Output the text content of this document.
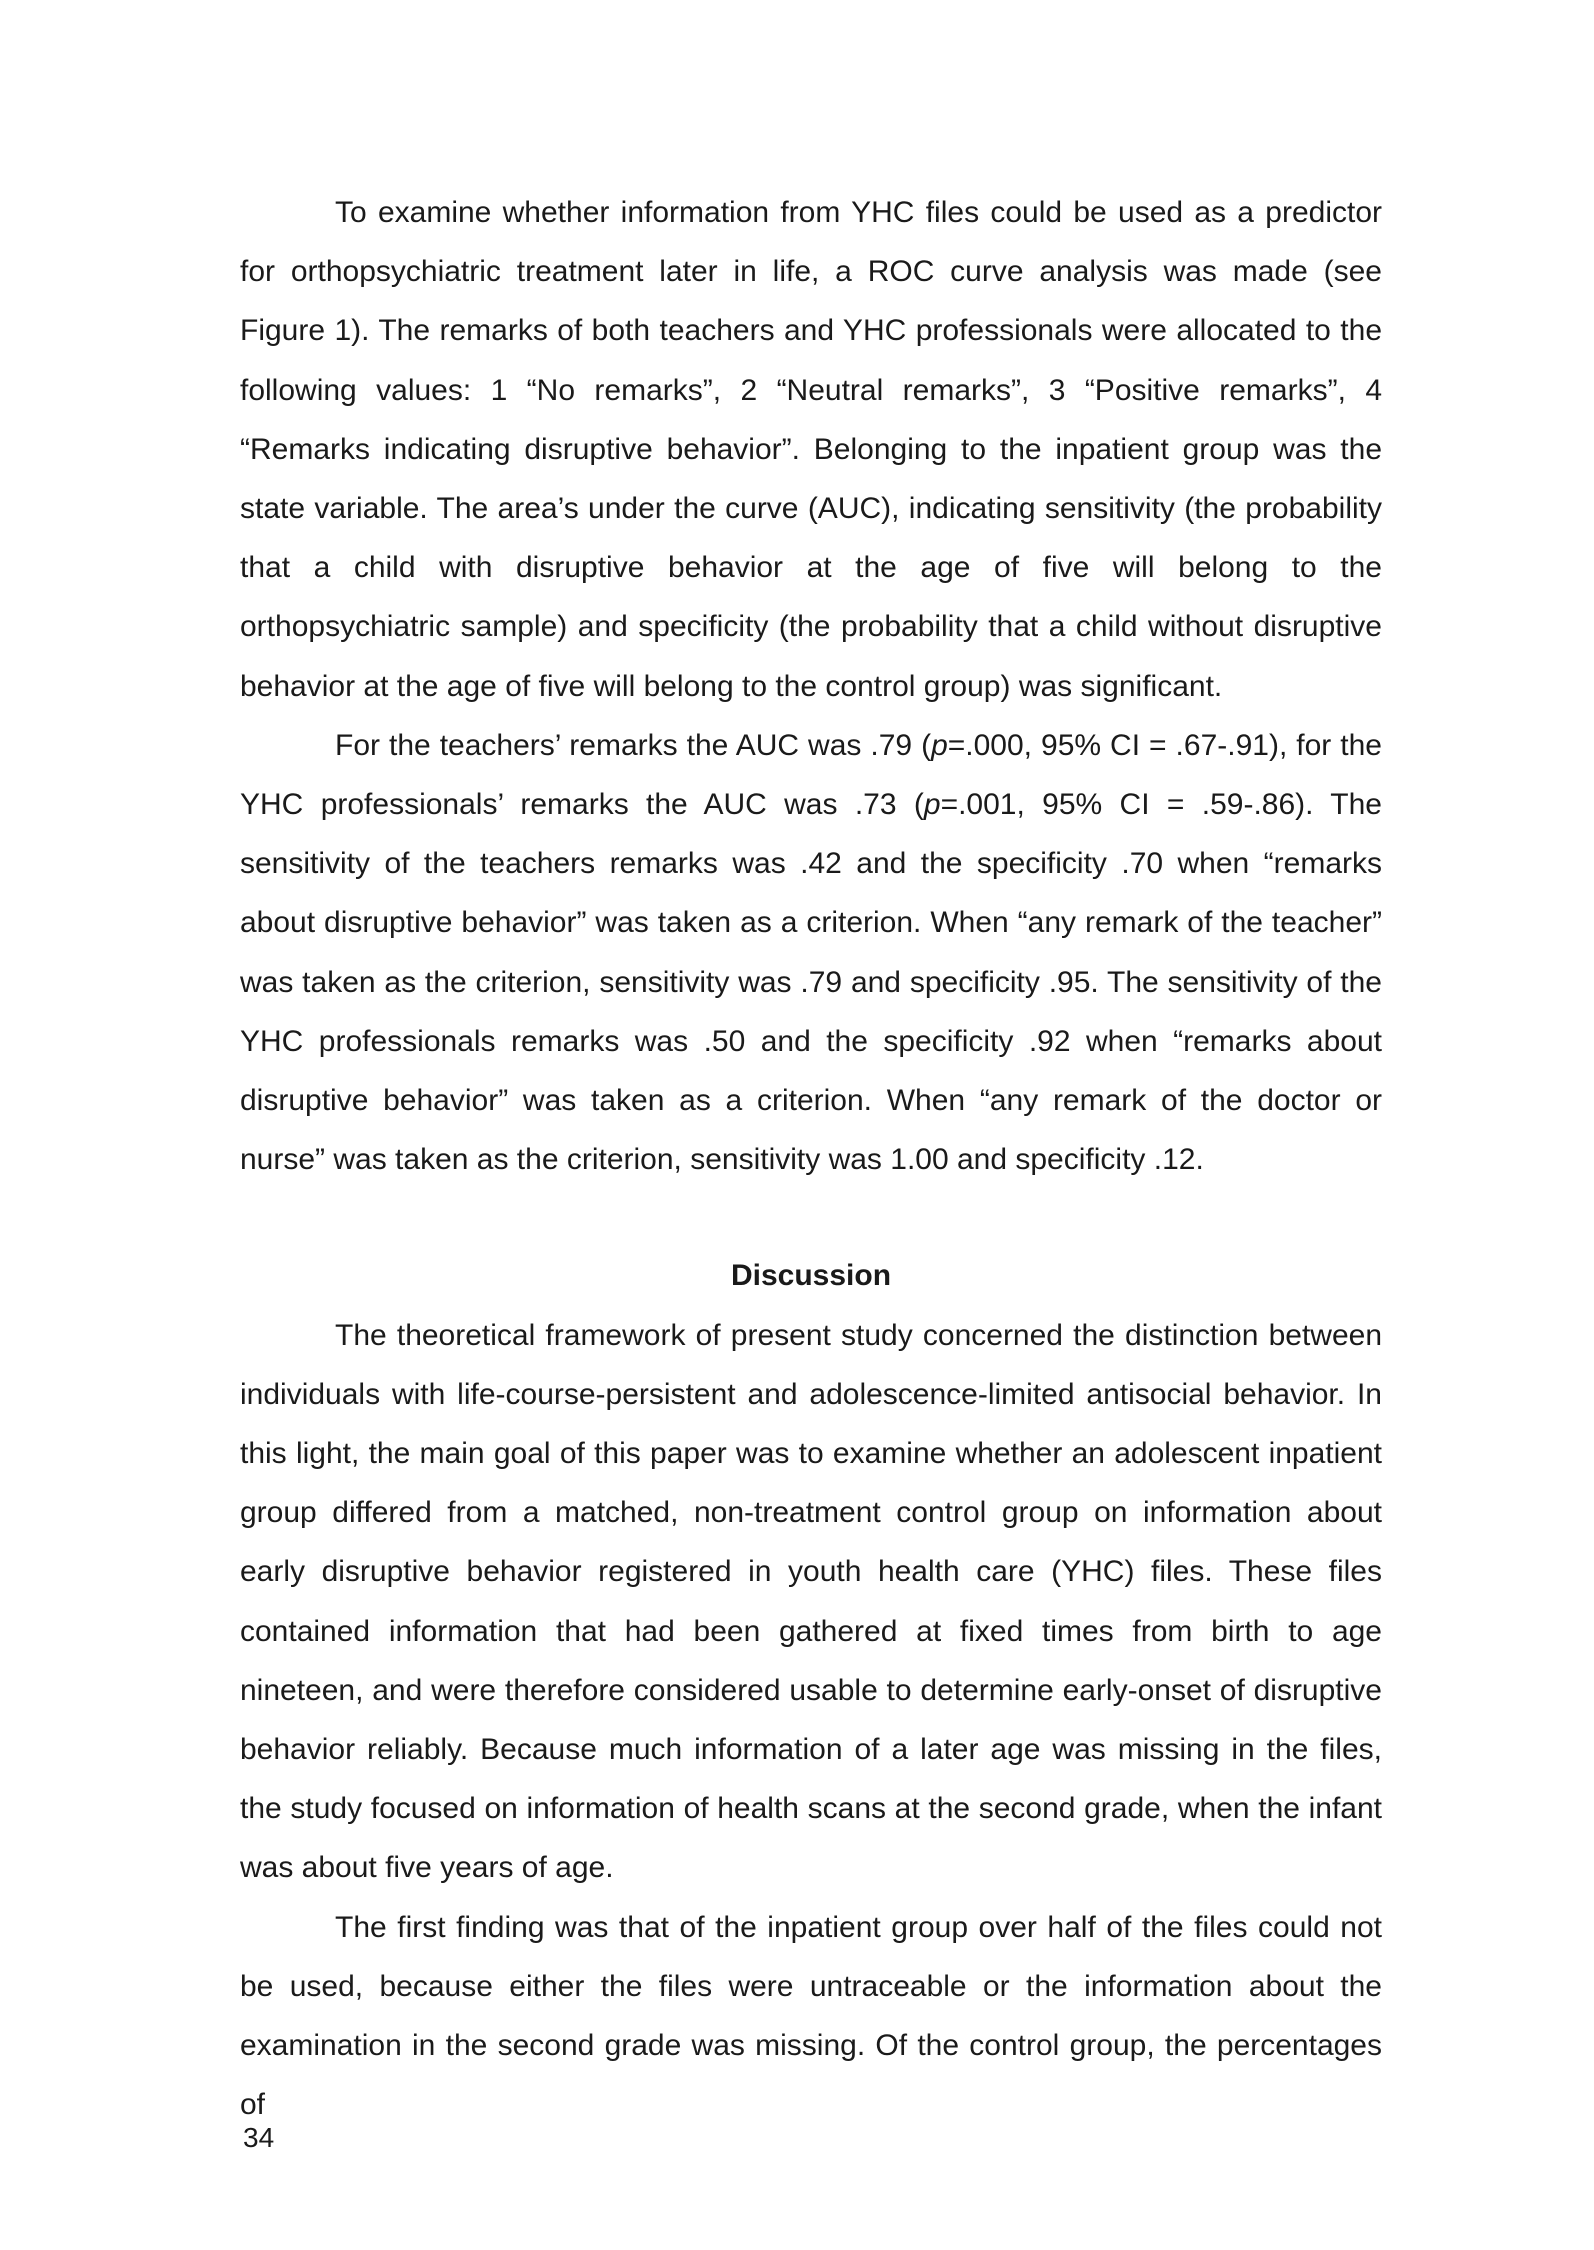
To examine whether information from YHC files could be used as a predictor for orthopsychiatric treatment later in life, a ROC curve analysis was made (see Figure 1). The remarks of both teachers and YHC professionals were allocated to the following values: 1 “No remarks”, 2 “Neutral remarks”, 3 “Positive remarks”, 4 “Remarks indicating disruptive behavior”. Belonging to the inpatient group was the state variable. The area’s under the curve (AUC), indicating sensitivity (the probability that a child with disruptive behavior at the age of five will belong to the orthopsychiatric sample) and specificity (the probability that a child without disruptive behavior at the age of five will belong to the control group) was significant.

For the teachers’ remarks the AUC was .79 (p=.000, 95% CI = .67-.91), for the YHC professionals’ remarks the AUC was .73 (p=.001, 95% CI = .59-.86). The sensitivity of the teachers remarks was .42 and the specificity .70 when “remarks about disruptive behavior” was taken as a criterion. When “any remark of the teacher” was taken as the criterion, sensitivity was .79 and specificity .95. The sensitivity of the YHC professionals remarks was .50 and the specificity .92 when “remarks about disruptive behavior” was taken as a criterion. When “any remark of the doctor or nurse” was taken as the criterion, sensitivity was 1.00 and specificity .12.

Discussion

The theoretical framework of present study concerned the distinction between individuals with life-course-persistent and adolescence-limited antisocial behavior. In this light, the main goal of this paper was to examine whether an adolescent inpatient group differed from a matched, non-treatment control group on information about early disruptive behavior registered in youth health care (YHC) files. These files contained information that had been gathered at fixed times from birth to age nineteen, and were therefore considered usable to determine early-onset of disruptive behavior reliably. Because much information of a later age was missing in the files, the study focused on information of health scans at the second grade, when the infant was about five years of age.

The first finding was that of the inpatient group over half of the files could not be used, because either the files were untraceable or the information about the examination in the second grade was missing. Of the control group, the percentages of

34
